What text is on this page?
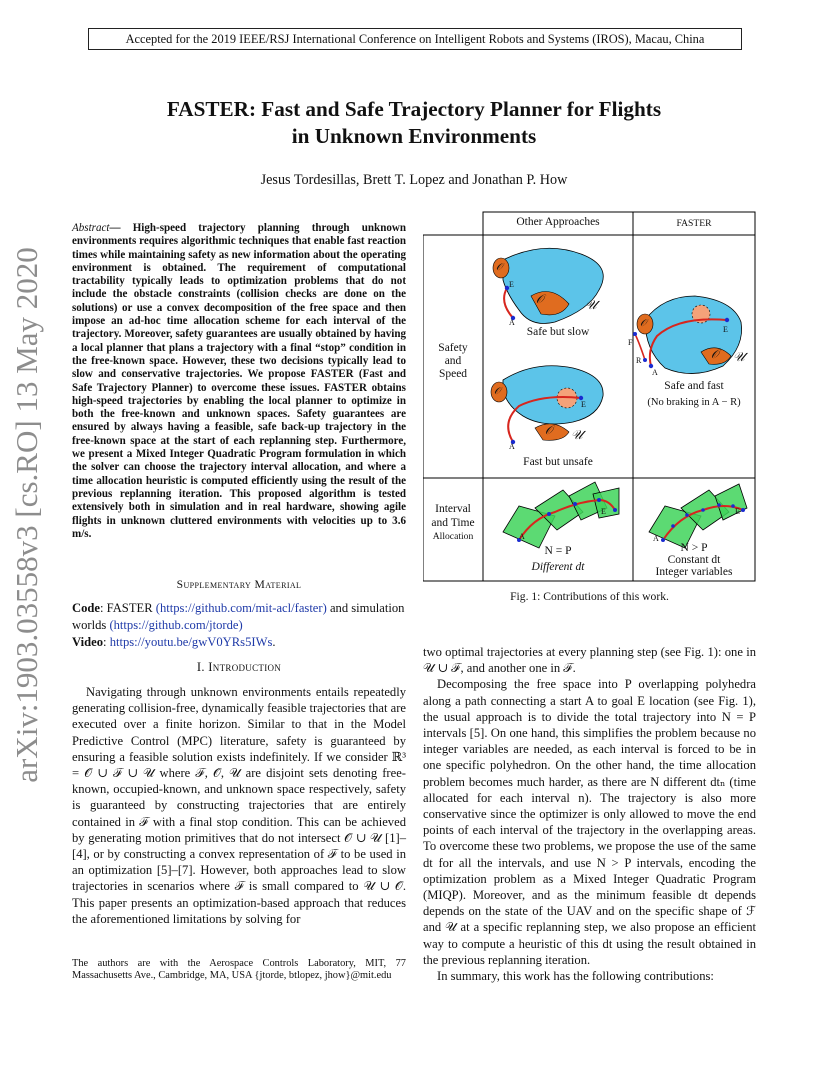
Accepted for the 2019 IEEE/RSJ International Conference on Intelligent Robots and Systems (IROS), Macau, China
arXiv:1903.03558v3 [cs.RO] 13 May 2020
FASTER: Fast and Safe Trajectory Planner for Flights
in Unknown Environments
Jesus Tordesillas, Brett T. Lopez and Jonathan P. How
Abstract— High-speed trajectory planning through unknown environments requires algorithmic techniques that enable fast reaction times while maintaining safety as new information about the operating environment is obtained. The requirement of computational tractability typically leads to optimization problems that do not include the obstacle constraints (collision checks are done on the solutions) or use a convex decomposition of the free space and then impose an ad-hoc time allocation scheme for each interval of the trajectory. Moreover, safety guarantees are usually obtained by having a local planner that plans a trajectory with a final “stop” condition in the free-known space. However, these two decisions typically lead to slow and conservative trajectories. We propose FASTER (Fast and Safe Trajectory Planner) to overcome these issues. FASTER obtains high-speed trajectories by enabling the local planner to optimize in both the free-known and unknown spaces. Safety guarantees are ensured by always having a feasible, safe back-up trajectory in the free-known space at the start of each replanning step. Furthermore, we present a Mixed Integer Quadratic Program formulation in which the solver can choose the trajectory interval allocation, and where a time allocation heuristic is computed efficiently using the result of the previous replanning iteration. This proposed algorithm is tested extensively both in simulation and in real hardware, showing agile flights in unknown cluttered environments with velocities up to 3.6 m/s.
Supplementary Material
Code: FASTER (https://github.com/mit-acl/faster) and simulation worlds (https://github.com/jtorde)
Video: https://youtu.be/gwV0YRs5IWs.
I. Introduction
Navigating through unknown environments entails repeatedly generating collision-free, dynamically feasible trajectories that are executed over a finite horizon. Similar to that in the Model Predictive Control (MPC) literature, safety is guaranteed by ensuring a feasible solution exists indefinitely. If we consider ℝ³ = 𝒪 ∪ ℱ ∪ 𝒰 where ℱ, 𝒪, 𝒰 are disjoint sets denoting free-known, occupied-known, and unknown space respectively, safety is guaranteed by constructing trajectories that are entirely contained in ℱ with a final stop condition. This can be achieved by generating motion primitives that do not intersect 𝒪 ∪ 𝒰 [1]–[4], or by constructing a convex representation of ℱ to be used in an optimization [5]–[7]. However, both approaches lead to slow trajectories in scenarios where ℱ is small compared to 𝒰 ∪ 𝒪. This paper presents an optimization-based approach that reduces the aforementioned limitations by solving for
The authors are with the Aerospace Controls Laboratory, MIT, 77 Massachusetts Ave., Cambridge, MA, USA {jtorde, btlopez, jhow}@mit.edu
Other Approaches	FASTER
Safety
and
Speed
Interval
and Time
Allocation
Safe but slow
Fast but unsafe
Safe and fast
(No braking in A − R)
N = P
Different dt
N > P
Constant dt
Integer variables
𝒪
𝒪	𝒰
A
E
𝒪
𝒪 𝒰
A
E
𝒪
𝒪 𝒰
A
R
F
E
A
E
A
E
Fig. 1: Contributions of this work.

two optimal trajectories at every planning step (see Fig. 1): one in 𝒰 ∪ ℱ, and another one in ℱ.

Decomposing the free space into P overlapping polyhedra along a path connecting a start A to goal E location (see Fig. 1), the usual approach is to divide the total trajectory into N = P intervals [5]. On one hand, this simplifies the problem because no integer variables are needed, as each interval is forced to be in one specific polyhedron. On the other hand, the time allocation problem becomes much harder, as there are N different dtₙ (time allocated for each interval n). The trajectory is also more conservative since the optimizer is only allowed to move the end points of each interval of the trajectory in the overlapping areas. To overcome these two problems, we propose the use of the same dt for all the intervals, and use N > P intervals, encoding the optimization problem as a Mixed Integer Quadratic Program (MIQP). Moreover, and as the minimum feasible dt depends depends on the state of the UAV and on the specific shape of ℱ and 𝒰 at a specific replanning step, we also propose an efficient way to compute a heuristic of this dt using the result obtained in the previous replanning iteration.

In summary, this work has the following contributions:
